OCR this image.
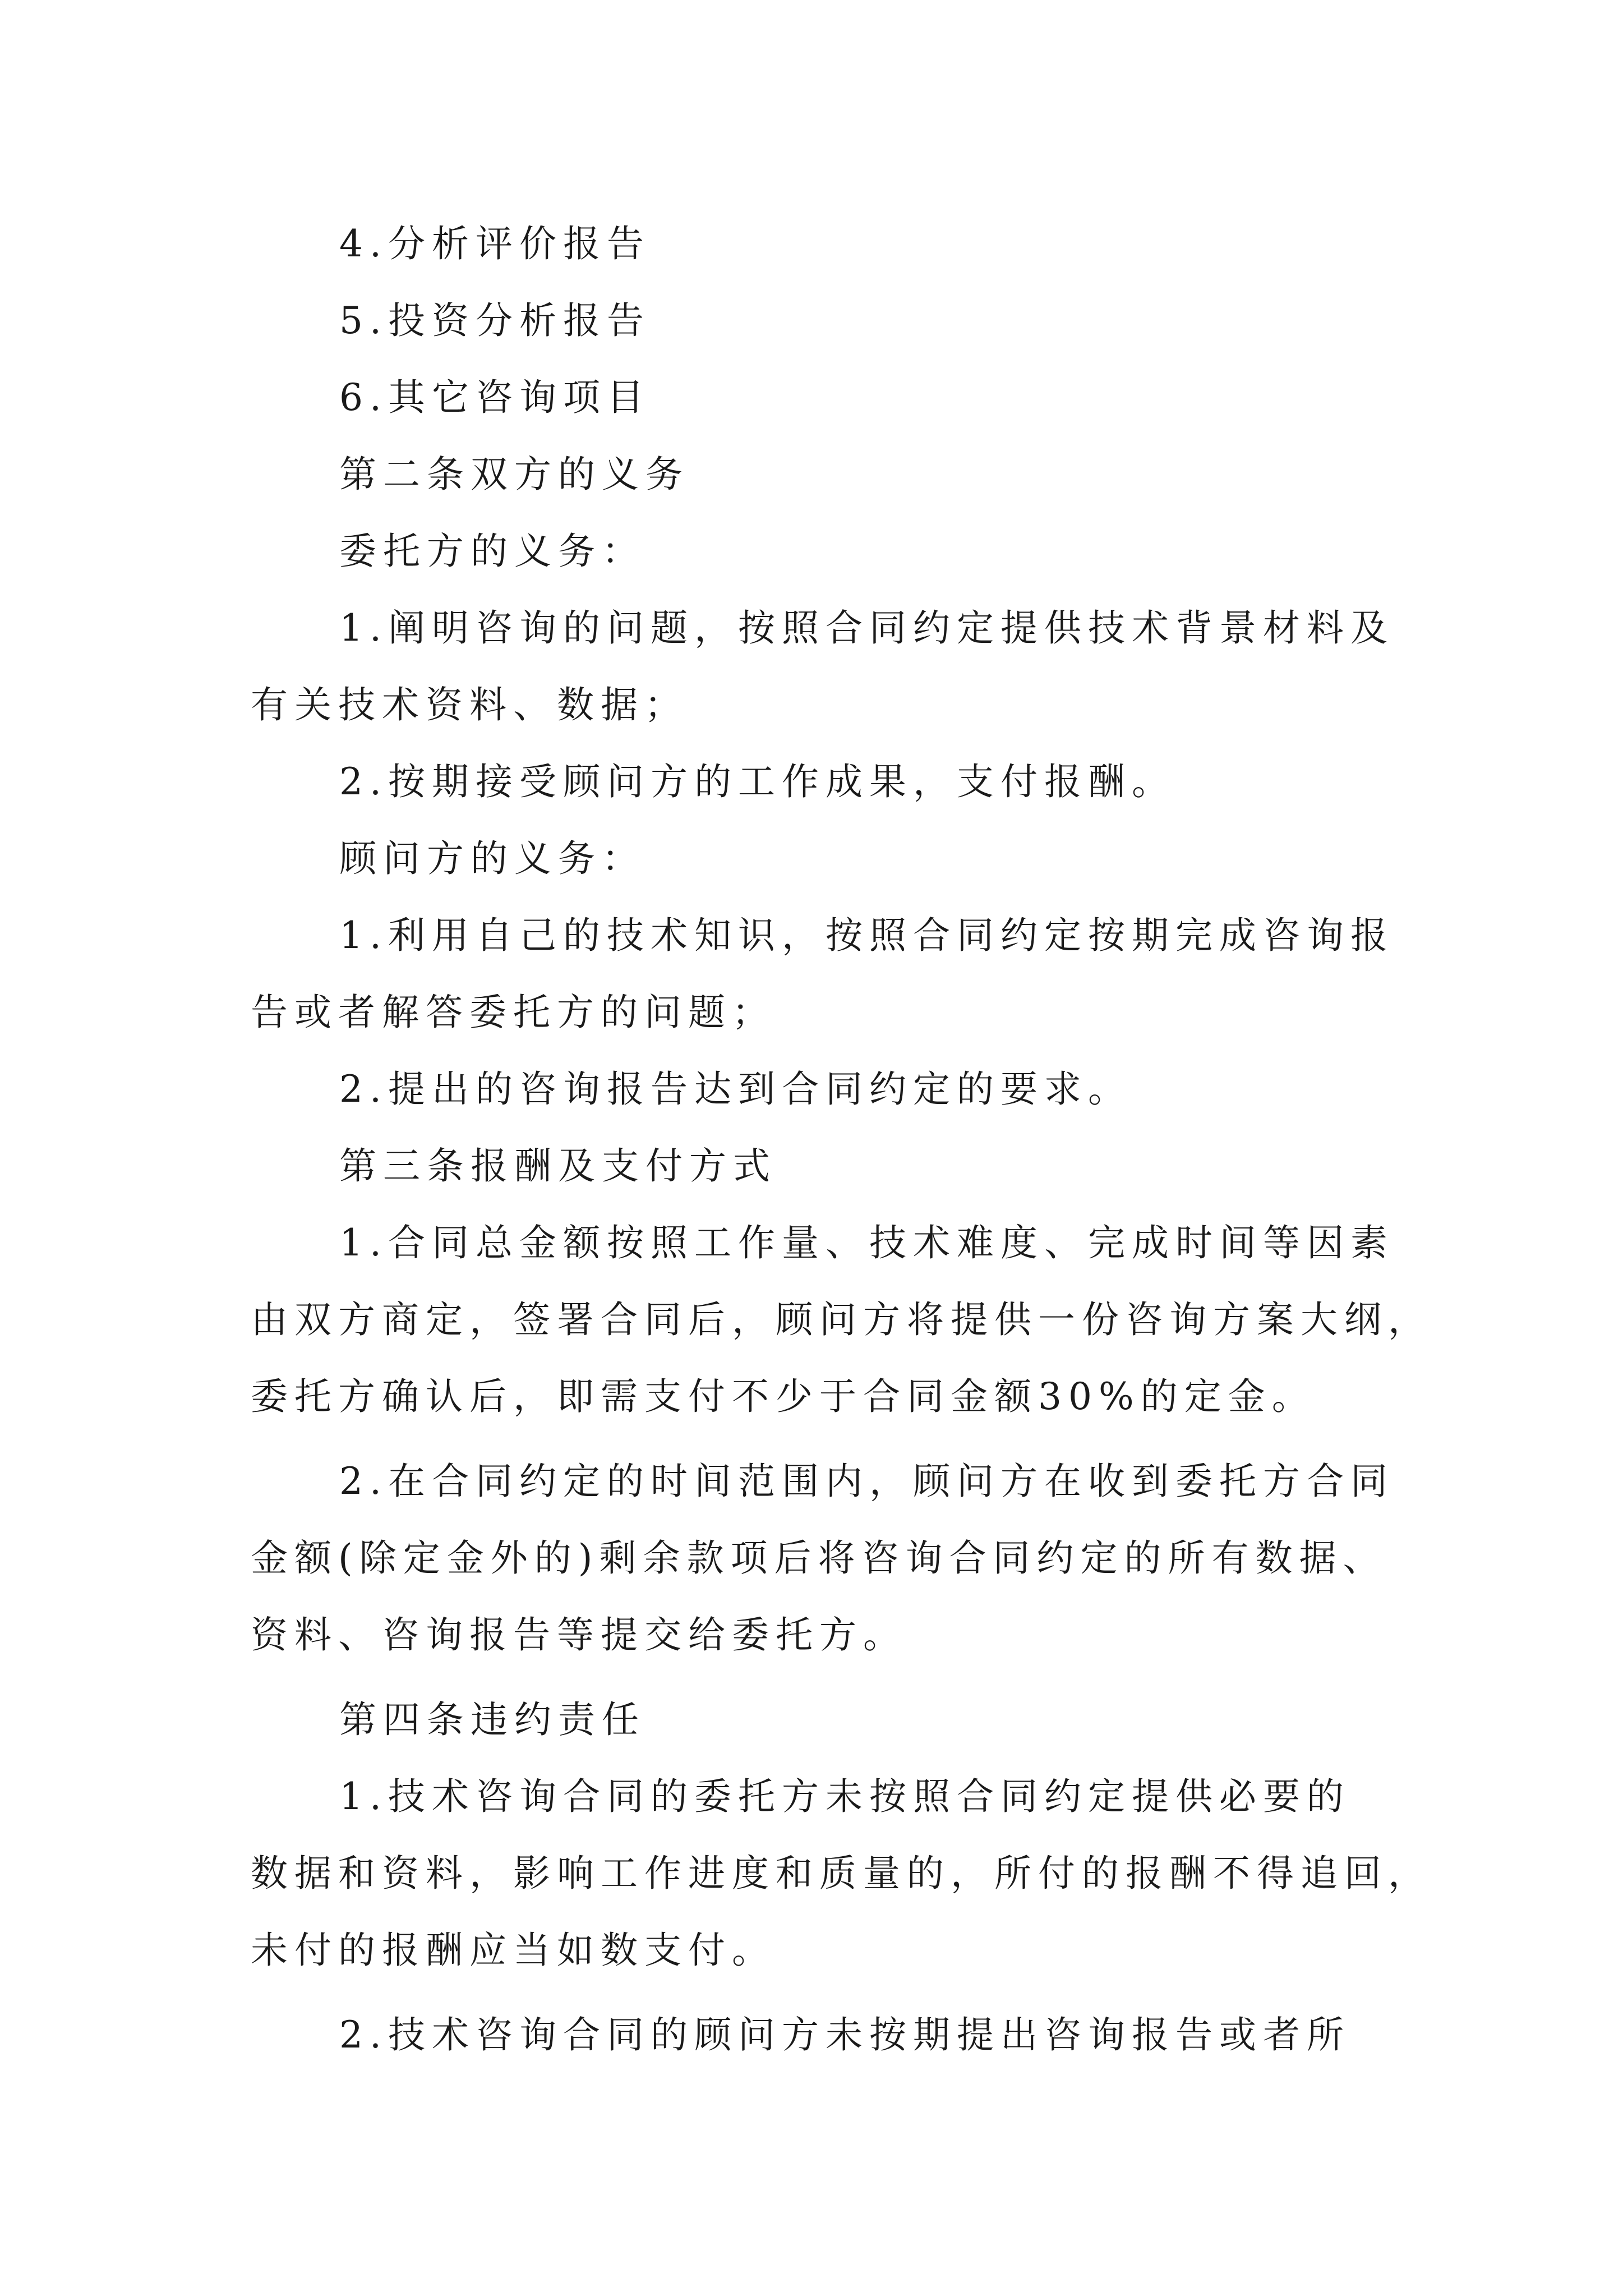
4.分析评价报告
5.投资分析报告
6.其它咨询项目
第二条双方的义务
委托方的义务：
1.阐明咨询的问题，按照合同约定提供技术背景材料及
有关技术资料、数据；
2.按期接受顾问方的工作成果，支付报酬。
顾问方的义务：
1.利用自己的技术知识，按照合同约定按期完成咨询报
告或者解答委托方的问题；
2.提出的咨询报告达到合同约定的要求。
第三条报酬及支付方式
1.合同总金额按照工作量、技术难度、完成时间等因素
由双方商定，签署合同后，顾问方将提供一份咨询方案大纲，
委托方确认后，即需支付不少于合同金额30%的定金。
2.在合同约定的时间范围内，顾问方在收到委托方合同
金额(除定金外的)剩余款项后将咨询合同约定的所有数据、
资料、咨询报告等提交给委托方。
第四条违约责任
1.技术咨询合同的委托方未按照合同约定提供必要的
数据和资料，影响工作进度和质量的，所付的报酬不得追回，
未付的报酬应当如数支付。
2.技术咨询合同的顾问方未按期提出咨询报告或者所
